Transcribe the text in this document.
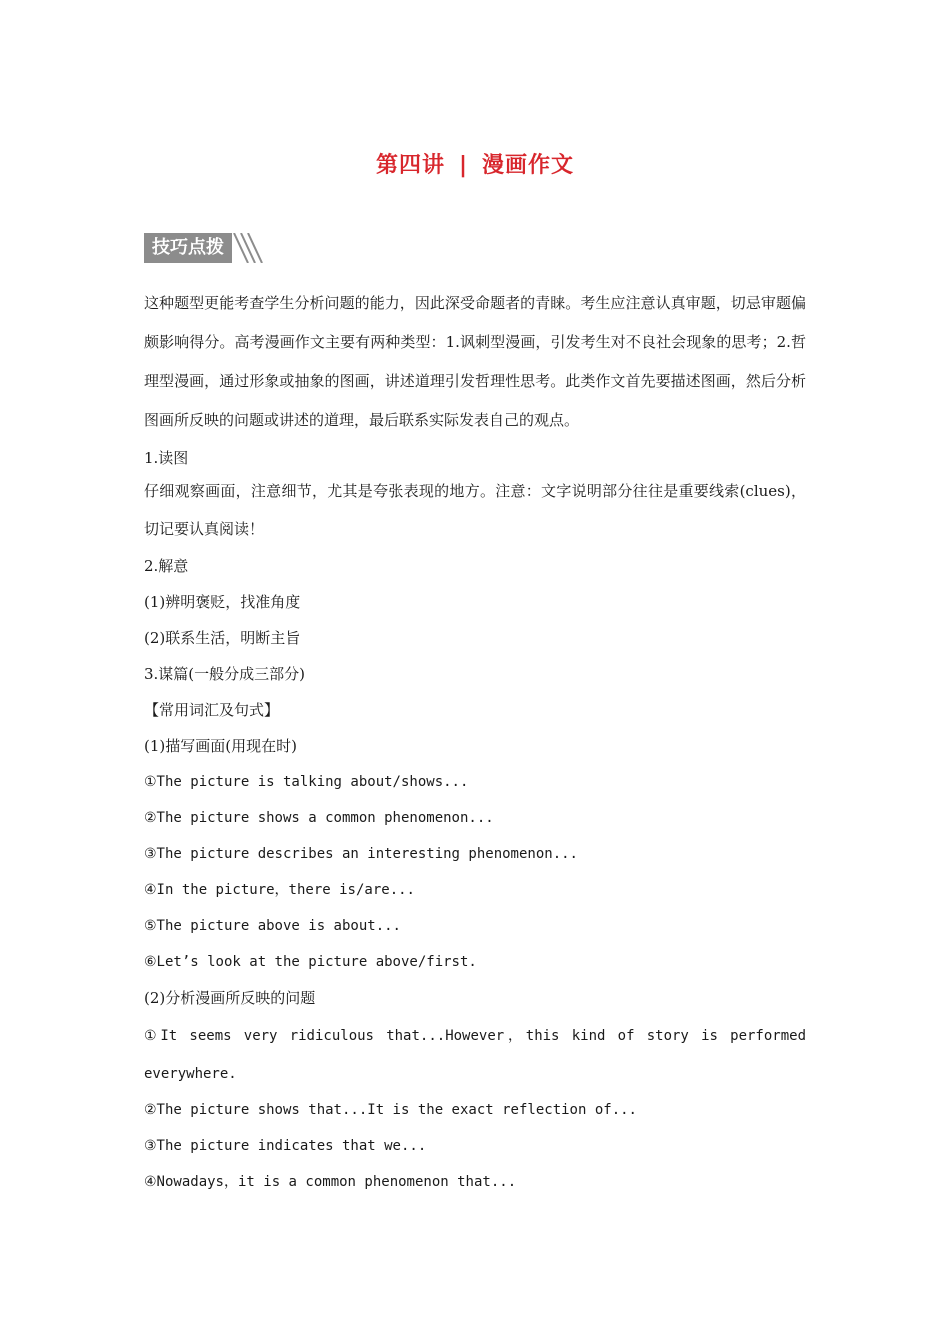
第四讲 | 漫画作文
技巧点拨

这种题型更能考查学生分析问题的能力，因此深受命题者的青睐。考生应注意认真审题，切忌审题偏颇影响得分。高考漫画作文主要有两种类型：1.讽刺型漫画，引发考生对不良社会现象的思考；2.哲理型漫画，通过形象或抽象的图画，讲述道理引发哲理性思考。此类作文首先要描述图画，然后分析图画所反映的问题或讲述的道理，最后联系实际发表自己的观点。

1.读图

仔细观察画面，注意细节，尤其是夸张表现的地方。注意：文字说明部分往往是重要线索(clues)，切记要认真阅读！

2.解意

(1)辨明褒贬，找准角度

(2)联系生活，明断主旨

3.谋篇(一般分成三部分)

【常用词汇及句式】

(1)描写画面(用现在时)

①The picture is talking about/shows...

②The picture shows a common phenomenon...

③The picture describes an interesting phenomenon...

④In the picture，there is/are...

⑤The picture above is about...

⑥Let’s look at the picture above/first.

(2)分析漫画所反映的问题

①It seems very ridiculous that...However，this kind of story is performed

everywhere.

②The picture shows that...It is the exact reflection of...

③The picture indicates that we...

④Nowadays，it is a common phenomenon that...
